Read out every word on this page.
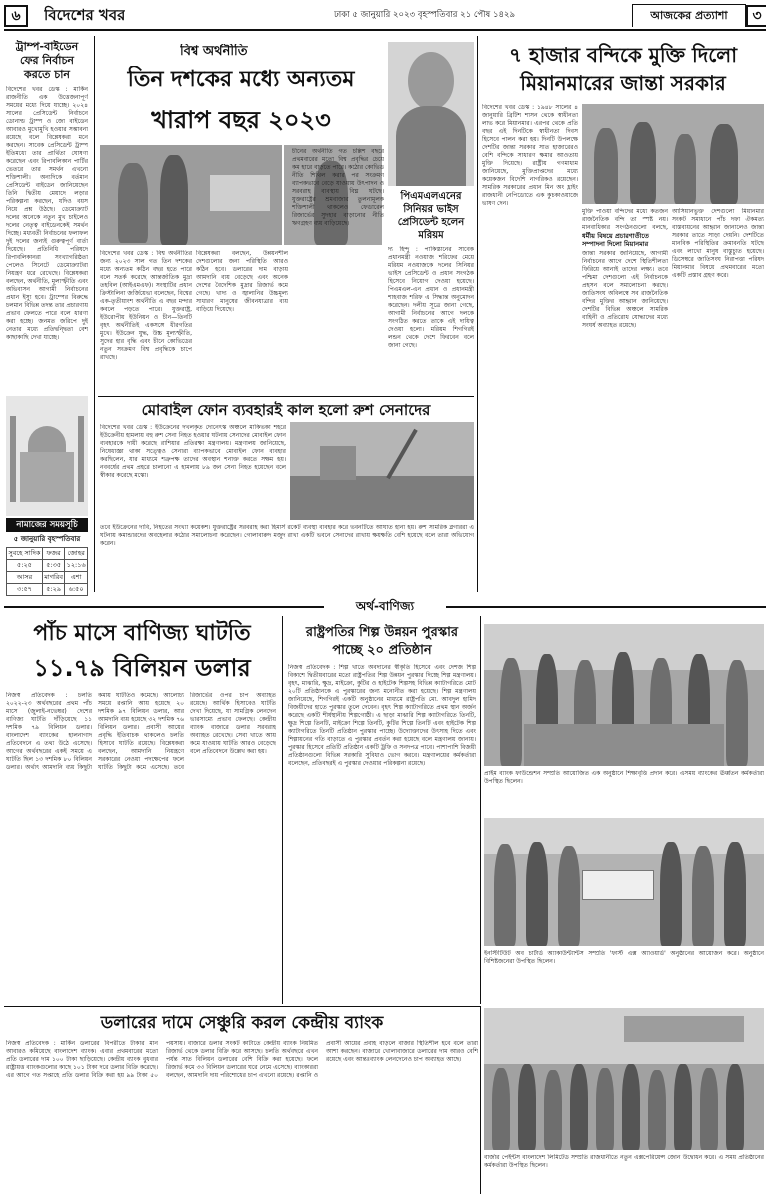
৬	বিদেশের খবর	ঢাকা ৫ জানুয়ারি ২০২৩ বৃহস্পতিবার ২১ পৌষ ১৪২৯	আজকের প্রত্যাশা	৩
ট্রাম্প-বাইডেন ফের নির্বাচন করতে চান
বিদেশের খবর ডেস্ক : মার্কিন রাজনীতি এক উত্তেজনাপূর্ণ সময়ের মধ্যে দিয়ে যাচ্ছে। ২০২৪ সালের প্রেসিডেন্ট নির্বাচনে ডোনাল্ড ট্রাম্প ও জো বাইডেন আবারও মুখোমুখি হওয়ার সম্ভাবনা রয়েছে বলে বিশ্লেষকরা মনে করছেন। সাবেক প্রেসিডেন্ট ট্রাম্প ইতিমধ্যে তার প্রার্থিতা ঘোষণা করেছেন এবং রিপাবলিকান পার্টির ভেতরে তার সমর্থন এখনো শক্তিশালী। অন্যদিকে বর্তমান প্রেসিডেন্ট বাইডেন জানিয়েছেন তিনি দ্বিতীয় মেয়াদে লড়ার পরিকল্পনা করছেন, যদিও বয়স নিয়ে প্রশ্ন উঠছে। ডেমোক্র্যাট দলের অনেকে নতুন মুখ চাইলেও দলের নেতৃত্ব বাইডেনকেই সমর্থন দিচ্ছে। মধ্যবর্তী নির্বাচনের ফলাফল দুই দলের জন্যই গুরুত্বপূর্ণ বার্তা দিয়েছে। প্রতিনিধি পরিষদে রিপাবলিকানরা সংখ্যাগরিষ্ঠতা পেলেও সিনেটে ডেমোক্র্যাটরা নিয়ন্ত্রণ ধরে রেখেছে। বিশ্লেষকরা বলছেন, অর্থনীতি, মূল্যস্ফীতি এবং অভিবাসন আগামী নির্বাচনের প্রধান ইস্যু হবে। ট্রাম্পের বিরুদ্ধে চলমান বিভিন্ন তদন্ত তার প্রচারণায় প্রভাব ফেলতে পারে বলে ধারণা করা হচ্ছে। জনমত জরিপে দুই নেতার মধ্যে প্রতিদ্বন্দ্বিতা বেশ কাছাকাছি দেখা যাচ্ছে।
নামাজের সময়সূচি
৫ জানুয়ারি বৃহস্পতিবার
সুবহে সাদিক	ফজর	জোহর
৫:২৫	৫:৩৫	১২:১৬
আসর	মাগরিব	এশা
৩:৫৭	৫:২৯	৬:৫০
বিশ্ব অর্থনীতি
তিন দশকের মধ্যে অন্যতম
খারাপ বছর ২০২৩
বিদেশের খবর ডেস্ক : বিশ্ব অর্থনীতির জন্য ২০২৩ সাল গত তিন দশকের মধ্যে অন্যতম কঠিন বছর হতে পারে বলে সতর্ক করেছে আন্তর্জাতিক মুদ্রা তহবিল (আইএমএফ)। সংস্থাটির প্রধান ক্রিস্টালিনা জর্জিয়েভা বলেছেন, বিশ্বের এক-তৃতীয়াংশ অর্থনীতি এ বছর মন্দার কবলে পড়তে পারে। যুক্তরাষ্ট্র, ইউরোপীয় ইউনিয়ন ও চীন—তিনটি বৃহৎ অর্থনীতিই একসঙ্গে ধীরগতির মুখে। ইউক্রেন যুদ্ধ, উচ্চ মূল্যস্ফীতি, সুদের হার বৃদ্ধি এবং চীনে কোভিডের নতুন সংক্রমণ বিশ্ব প্রবৃদ্ধিকে চাপে রাখছে।
বিশ্লেষকরা বলছেন, উন্নয়নশীল দেশগুলোর জন্য পরিস্থিতি আরও কঠিন হবে। ডলারের দাম বাড়ায় আমদানি ব্যয় বেড়েছে এবং অনেক দেশের বৈদেশিক মুদ্রার রিজার্ভ কমে গেছে। খাদ্য ও জ্বালানির উচ্চমূল্য সাধারণ মানুষের জীবনযাত্রার ব্যয় বাড়িয়ে দিয়েছে।
চীনের অর্থনীতি গত চল্লিশ বছরে প্রথমবারের মতো বিশ্ব প্রবৃদ্ধির চেয়ে কম হারে বাড়তে পারে। কঠোর কোভিড নীতি শিথিল করার পর সংক্রমণ ব্যাপকভাবে বেড়ে যাওয়ায় উৎপাদন ও সরবরাহ ব্যবস্থায় বিঘ্ন ঘটছে। যুক্তরাষ্ট্রের শ্রমবাজার তুলনামূলক শক্তিশালী থাকলেও ফেডারেল রিজার্ভের সুদহার বাড়ানোর নীতি ঋণগ্রহণ ব্যয় বাড়িয়েছে।
পিএমএলএনের সিনিয়র ভাইস প্রেসিডেন্ট হলেন মরিয়ম
দ্য হিন্দু : পাকিস্তানের সাবেক প্রধানমন্ত্রী নওয়াজ শরিফের মেয়ে মরিয়ম নওয়াজকে দলের সিনিয়র ভাইস প্রেসিডেন্ট ও প্রধান সংগঠক হিসেবে নিয়োগ দেওয়া হয়েছে। পিএমএল-এন প্রধান ও প্রধানমন্ত্রী শাহবাজ শরিফ এ সিদ্ধান্ত অনুমোদন করেছেন। দলীয় সূত্রে জানা গেছে, আগামী নির্বাচনের আগে দলকে সংগঠিত করতে তাকে এই দায়িত্ব দেওয়া হলো। মরিয়ম শিগগিরই লন্ডন থেকে দেশে ফিরবেন বলে জানা গেছে।
৭ হাজার বন্দিকে মুক্তি দিলো
মিয়ানমারের জান্তা সরকার
বিদেশের খবর ডেস্ক : ১৯৪৮ সালের ৪ জানুয়ারি ব্রিটিশ শাসন থেকে স্বাধীনতা লাভ করে মিয়ানমার। এরপর থেকে প্রতি বছর এই দিনটিকে স্বাধীনতা দিবস হিসেবে পালন করা হয়। দিনটি উপলক্ষে দেশটির জান্তা সরকার সাত হাজারেরও বেশি বন্দিকে সাধারণ ক্ষমার আওতায় মুক্তি দিয়েছে। রাষ্ট্রীয় গণমাধ্যম জানিয়েছে, মুক্তিপ্রাপ্তদের মধ্যে কয়েকজন বিদেশি নাগরিকও রয়েছেন। সামরিক সরকারের প্রধান মিন অং হ্লাইং রাজধানী নেপিডোতে এক কুচকাওয়াজে ভাষণ দেন।
মুক্তি পাওয়া বন্দিদের মধ্যে কতজন রাজনৈতিক বন্দি তা স্পষ্ট নয়। মানবাধিকার সংগঠনগুলো বলছে,
ধর্মীয় বিষয়ে প্রচারণাতীতে সম্পাদনা দিলো মিয়ানমার
জান্তা সরকার জানিয়েছে, আগামী নির্বাচনের আগে দেশে স্থিতিশীলতা ফিরিয়ে আনাই তাদের লক্ষ্য। তবে পশ্চিমা দেশগুলো এই নির্বাচনকে প্রহসন বলে সমালোচনা করছে। জাতিসংঘ অবিলম্বে সব রাজনৈতিক বন্দির মুক্তির আহ্বান জানিয়েছে। দেশটির বিভিন্ন অঞ্চলে সামরিক বাহিনী ও প্রতিরোধ যোদ্ধাদের মধ্যে সংঘর্ষ অব্যাহত রয়েছে।
আসিয়ানভুক্ত দেশগুলো মিয়ানমার সংকট সমাধানে পাঁচ দফা ঐকমত্য বাস্তবায়নের আহ্বান জানালেও জান্তা সরকার তাতে সাড়া দেয়নি। দেশটিতে মানবিক পরিস্থিতির ক্রমাবনতি ঘটছে এবং লাখো মানুষ বাস্তুচ্যুত হয়েছে। ডিসেম্বরে জাতিসংঘ নিরাপত্তা পরিষদ মিয়ানমার বিষয়ে প্রথমবারের মতো একটি প্রস্তাব গ্রহণ করে।
মোবাইল ফোন ব্যবহারই কাল হলো রুশ সেনাদের
বিদেশের খবর ডেস্ক : ইউক্রেনের দখলকৃত দোনেৎস্ক অঞ্চলে মাকিভকা শহরে ইউক্রেনীয় হামলায় বহু রুশ সেনা নিহত হওয়ার ঘটনায় সেনাদের মোবাইল ফোন ব্যবহারকে দায়ী করেছে রাশিয়ার প্রতিরক্ষা মন্ত্রণালয়। মন্ত্রণালয় জানিয়েছে, নিষেধাজ্ঞা থাকা সত্ত্বেও সেনারা ব্যাপকভাবে মোবাইল ফোন ব্যবহার করছিলেন, যার মাধ্যমে শত্রুপক্ষ তাদের অবস্থান শনাক্ত করতে সক্ষম হয়। নববর্ষের প্রথম প্রহরে চালানো এ হামলায় ৮৯ জন সেনা নিহত হয়েছেন বলে স্বীকার করেছে মস্কো।
তবে ইউক্রেনের দাবি, নিহতের সংখ্যা কয়েকশ। যুক্তরাষ্ট্রের সরবরাহ করা হিমার্স রকেট ব্যবস্থা ব্যবহার করে ভবনটিতে আঘাত হানা হয়। রুশ সামরিক ব্লগাররা এ ঘটনায় কমান্ডারদের অবহেলার কঠোর সমালোচনা করেছেন। গোলাবারুদ মজুদ রাখা একটি ভবনে সেনাদের রাখায় ক্ষয়ক্ষতি বেশি হয়েছে বলে তারা অভিযোগ করেন।
অর্থ-বাণিজ্য
পাঁচ মাসে বাণিজ্য ঘাটতি
১১.৭৯ বিলিয়ন ডলার
নিজস্ব প্রতিবেদক : চলতি ২০২২-২৩ অর্থবছরের প্রথম পাঁচ মাসে (জুলাই-নভেম্বর) দেশের বাণিজ্য ঘাটতি দাঁড়িয়েছে ১১ দশমিক ৭৯ বিলিয়ন ডলার। বাংলাদেশ ব্যাংকের হালনাগাদ প্রতিবেদনে এ তথ্য উঠে এসেছে। আগের অর্থবছরের একই সময়ে এ ঘাটতি ছিল ১৩ দশমিক ৮০ বিলিয়ন ডলার। অর্থাৎ আমদানি ব্যয় কিছুটা কমায় ঘাটতিও কমেছে। আলোচ্য সময়ে রপ্তানি আয় হয়েছে ২০ দশমিক ৯৭ বিলিয়ন ডলার, আর আমদানি ব্যয় হয়েছে ৩২ দশমিক ৭৬ বিলিয়ন ডলার। প্রবাসী আয়ের প্রবৃদ্ধি ইতিবাচক থাকলেও চলতি হিসাবে ঘাটতি রয়েছে। বিশ্লেষকরা বলছেন, আমদানি নিয়ন্ত্রণে সরকারের নেওয়া পদক্ষেপের ফলে ঘাটতি কিছুটা কমে এসেছে। তবে রিজার্ভের ওপর চাপ অব্যাহত রয়েছে। আর্থিক হিসাবেও ঘাটতি দেখা দিয়েছে, যা সামগ্রিক লেনদেন ভারসাম্যে প্রভাব ফেলছে। কেন্দ্রীয় ব্যাংক বাজারে ডলার সরবরাহ অব্যাহত রেখেছে। সেবা খাতে আয় কমে যাওয়ায় ঘাটতি আরও বেড়েছে বলে প্রতিবেদনে উল্লেখ করা হয়।
রাষ্ট্রপতির শিল্প উন্নয়ন পুরস্কার
পাচ্ছে ২০ প্রতিষ্ঠান
নিজস্ব প্রতিবেদক : শিল্প খাতে অবদানের স্বীকৃতি হিসেবে এবং দেশজ শিল্প বিকাশে দ্বিতীয়বারের মতো রাষ্ট্রপতির শিল্প উন্নয়ন পুরস্কার দিচ্ছে শিল্প মন্ত্রণালয়। বৃহৎ, মাঝারি, ক্ষুদ্র, মাইক্রো, কুটির ও হাইটেক শিল্পসহ বিভিন্ন ক্যাটাগরিতে মোট ২০টি প্রতিষ্ঠানকে এ পুরস্কারের জন্য মনোনীত করা হয়েছে। শিল্প মন্ত্রণালয় জানিয়েছে, শিগগিরই একটি অনুষ্ঠানের মাধ্যমে রাষ্ট্রপতি মো. আবদুল হামিদ বিজয়ীদের হাতে পুরস্কার তুলে দেবেন। বৃহৎ শিল্প ক্যাটাগরিতে প্রথম স্থান অর্জন করেছে একটি শীর্ষস্থানীয় শিল্পগোষ্ঠী। এ ছাড়া মাঝারি শিল্প ক্যাটাগরিতে তিনটি, ক্ষুদ্র শিল্পে তিনটি, মাইক্রো শিল্পে তিনটি, কুটির শিল্পে তিনটি এবং হাইটেক শিল্প ক্যাটাগরিতে তিনটি প্রতিষ্ঠান পুরস্কার পাচ্ছে। উদ্যোক্তাদের উৎসাহ দিতে এবং শিল্পায়নের গতি বাড়াতে এ পুরস্কার প্রবর্তন করা হয়েছে বলে মন্ত্রণালয় জানায়। পুরস্কার হিসেবে প্রতিটি প্রতিষ্ঠান একটি ট্রফি ও সনদপত্র পাবে। পাশাপাশি বিজয়ী প্রতিষ্ঠানগুলো বিভিন্ন সরকারি সুবিধাও ভোগ করবে। মন্ত্রণালয়ের কর্মকর্তারা বলেছেন, প্রতিবছরই এ পুরস্কার দেওয়ার পরিকল্পনা রয়েছে।
প্রাইম ব্যাংক ফাউন্ডেশন সম্প্রতি আয়োজিত এক অনুষ্ঠানে শিক্ষাবৃত্তি প্রদান করে। এসময় ব্যাংকের ঊর্ধ্বতন কর্মকর্তারা উপস্থিত ছিলেন।
ইনস্টিটিউট অব চার্টার্ড অ্যাকাউন্ট্যান্টস সম্প্রতি 'ফার্স্ট এক্স অ্যাওয়ার্ড' অনুষ্ঠানের আয়োজন করে। অনুষ্ঠানে বিশিষ্টজনেরা উপস্থিত ছিলেন।
ডলারের দামে সেঞ্চুরি করল কেন্দ্রীয় ব্যাংক
নিজস্ব প্রতিবেদক : মার্কিন ডলারের বিপরীতে টাকার মান আবারও কমিয়েছে বাংলাদেশ ব্যাংক। এবার প্রথমবারের মতো প্রতি ডলারের দাম ১০০ টাকা ছাড়িয়েছে। কেন্দ্রীয় ব্যাংক বুধবার রাষ্ট্রায়ত্ত ব্যাংকগুলোর কাছে ১০১ টাকা দরে ডলার বিক্রি করেছে। এর আগে গত সপ্তাহে প্রতি ডলার বিক্রি করা হয় ৯৯ টাকা ৫০ পয়সায়। বাজারে ডলার সংকট কাটাতে কেন্দ্রীয় ব্যাংক নিয়মিত রিজার্ভ থেকে ডলার বিক্রি করে আসছে। চলতি অর্থবছরে এখন পর্যন্ত সাত বিলিয়ন ডলারের বেশি বিক্রি করা হয়েছে। ফলে রিজার্ভ কমে ৩৩ বিলিয়ন ডলারের ঘরে নেমে এসেছে। ব্যাংকাররা বলছেন, আমদানি দায় পরিশোধের চাপ এখনো রয়েছে। রপ্তানি ও প্রবাসী আয়ের প্রবাহ বাড়লে বাজার স্থিতিশীল হবে বলে তারা আশা করছেন। বাজারে খোলাবাজারে ডলারের দাম আরও বেশি রয়েছে এবং আন্তঃব্যাংক লেনদেনেও চাপ অব্যাহত আছে।
বার্জার পেইন্টস বাংলাদেশ লিমিটেড সম্প্রতি রাজধানীতে নতুন এক্সপেরিয়েন্স জোন উদ্বোধন করে। এ সময় প্রতিষ্ঠানের কর্মকর্তারা উপস্থিত ছিলেন।
